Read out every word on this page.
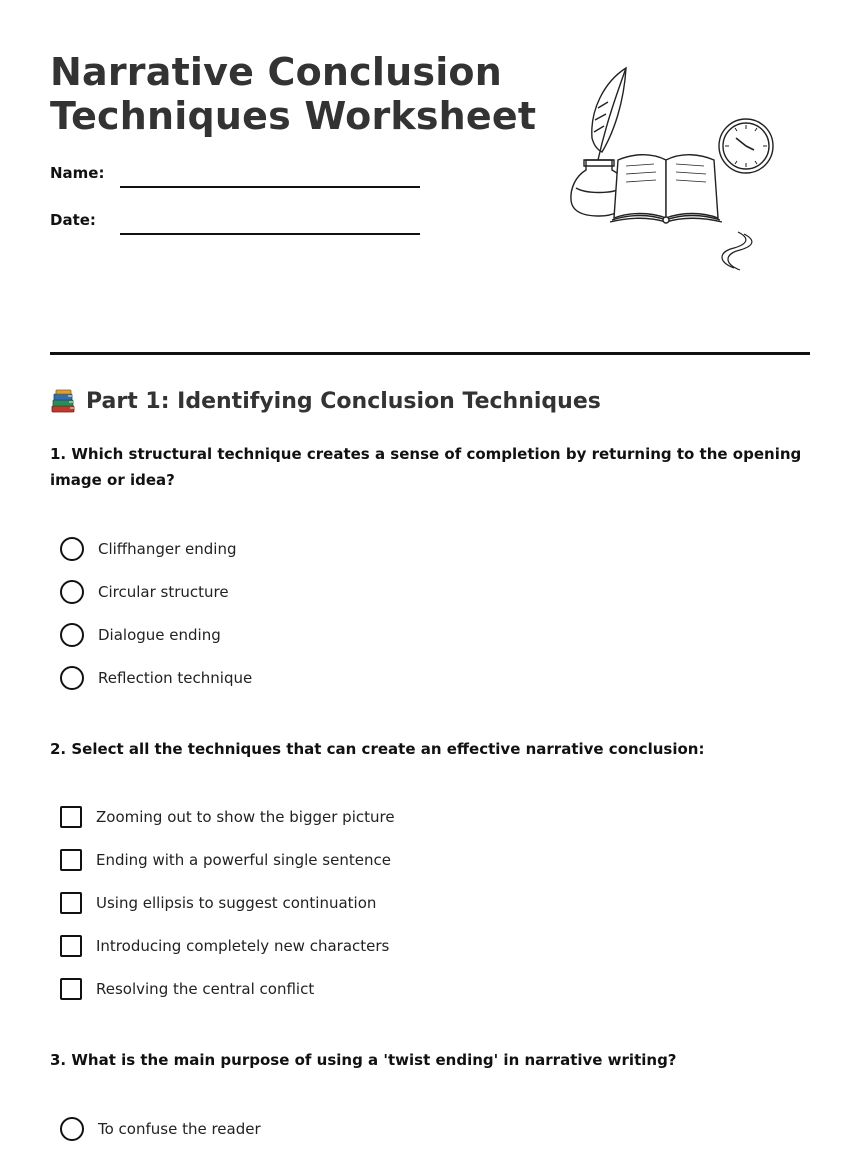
Narrative Conclusion
Techniques Worksheet
Name:
Date:
Part 1: Identifying Conclusion Techniques

1. Which structural technique creates a sense of completion by returning to the opening image or idea?

Cliffhanger ending
Circular structure
Dialogue ending
Reflection technique

2. Select all the techniques that can create an effective narrative conclusion:

Zooming out to show the bigger picture
Ending with a powerful single sentence
Using ellipsis to suggest continuation
Introducing completely new characters
Resolving the central conflict

3. What is the main purpose of using a 'twist ending' in narrative writing?

To confuse the reader
